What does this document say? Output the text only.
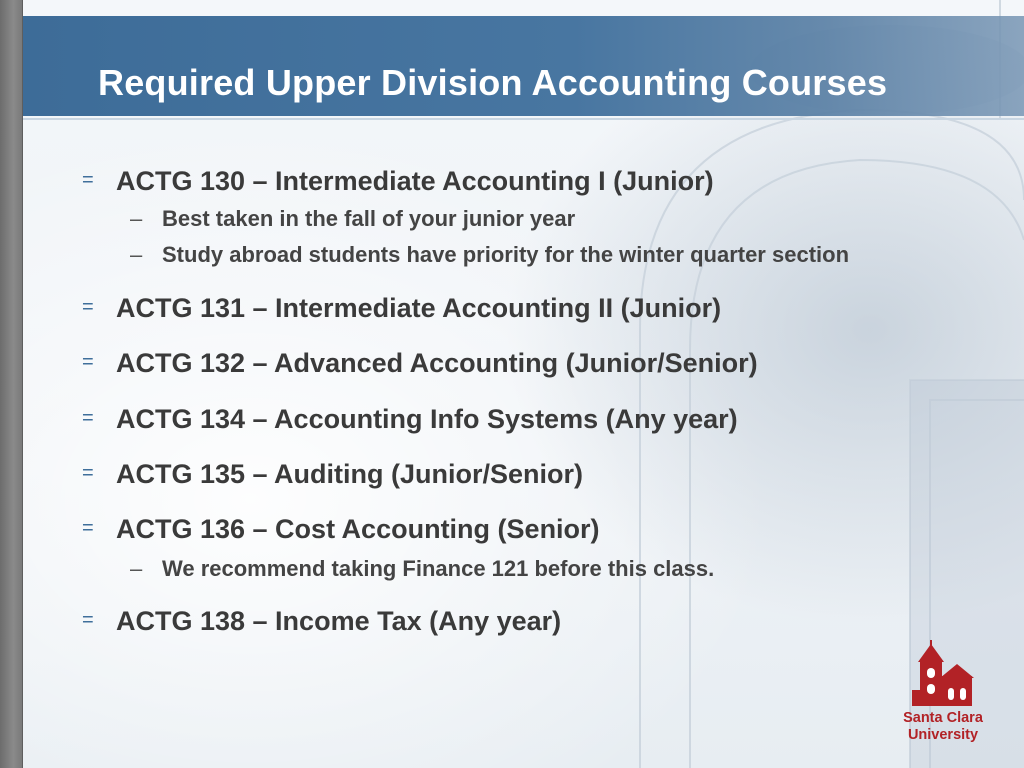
Required Upper Division Accounting Courses
= ACTG 130 – Intermediate Accounting I (Junior)
– Best taken in the fall of your junior year
– Study abroad students have priority for the winter quarter section
= ACTG 131 – Intermediate Accounting II (Junior)
= ACTG 132 – Advanced Accounting (Junior/Senior)
= ACTG 134 – Accounting Info Systems (Any year)
= ACTG 135 – Auditing (Junior/Senior)
= ACTG 136 – Cost Accounting (Senior)
– We recommend taking Finance 121 before this class.
= ACTG 138 – Income Tax (Any year)
Santa Clara
University
